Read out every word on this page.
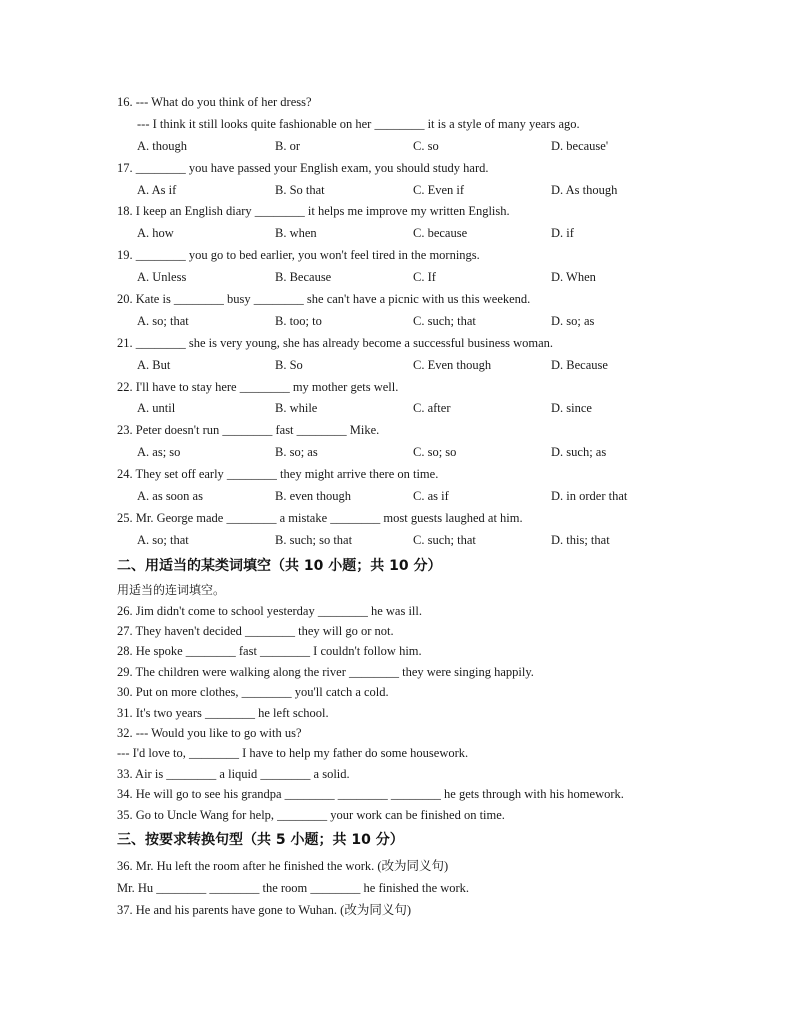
16. --- What do you think of her dress?
--- I think it still looks quite fashionable on her ________ it is a style of many years ago.
A. though	B. or	C. so	D. because'
17. ________ you have passed your English exam, you should study hard.
A. As if	B. So that	C. Even if	D. As though
18. I keep an English diary ________ it helps me improve my written English.
A. how	B. when	C. because	D. if
19. ________ you go to bed earlier, you won't feel tired in the mornings.
A. Unless	B. Because	C. If	D. When
20. Kate is ________ busy ________ she can't have a picnic with us this weekend.
A. so; that	B. too; to	C. such; that	D. so; as
21. ________ she is very young, she has already become a successful business woman.
A. But	B. So	C. Even though	D. Because
22. I'll have to stay here ________ my mother gets well.
A. until	B. while	C. after	D. since
23. Peter doesn't run ________ fast ________ Mike.
A. as; so	B. so; as	C. so; so	D. such; as
24. They set off early ________ they might arrive there on time.
A. as soon as	B. even though	C. as if	D. in order that
25. Mr. George made ________ a mistake ________ most guests laughed at him.
A. so; that	B. such; so that	C. such; that	D. this; that
二、用适当的某类词填空（共 10 小题；共 10 分）
用适当的连词填空。
26. Jim didn't come to school yesterday ________ he was ill.
27. They haven't decided ________ they will go or not.
28. He spoke ________ fast ________ I couldn't follow him.
29. The children were walking along the river ________ they were singing happily.
30. Put on more clothes, ________ you'll catch a cold.
31. It's two years ________ he left school.
32. --- Would you like to go with us?
--- I'd love to, ________ I have to help my father do some housework.
33. Air is ________ a liquid ________ a solid.
34. He will go to see his grandpa ________ ________ ________ he gets through with his homework.
35. Go to Uncle Wang for help, ________ your work can be finished on time.
三、按要求转换句型（共 5 小题；共 10 分）
36. Mr. Hu left the room after he finished the work. (改为同义句)
Mr. Hu ________ ________ the room ________ he finished the work.
37. He and his parents have gone to Wuhan. (改为同义句)
